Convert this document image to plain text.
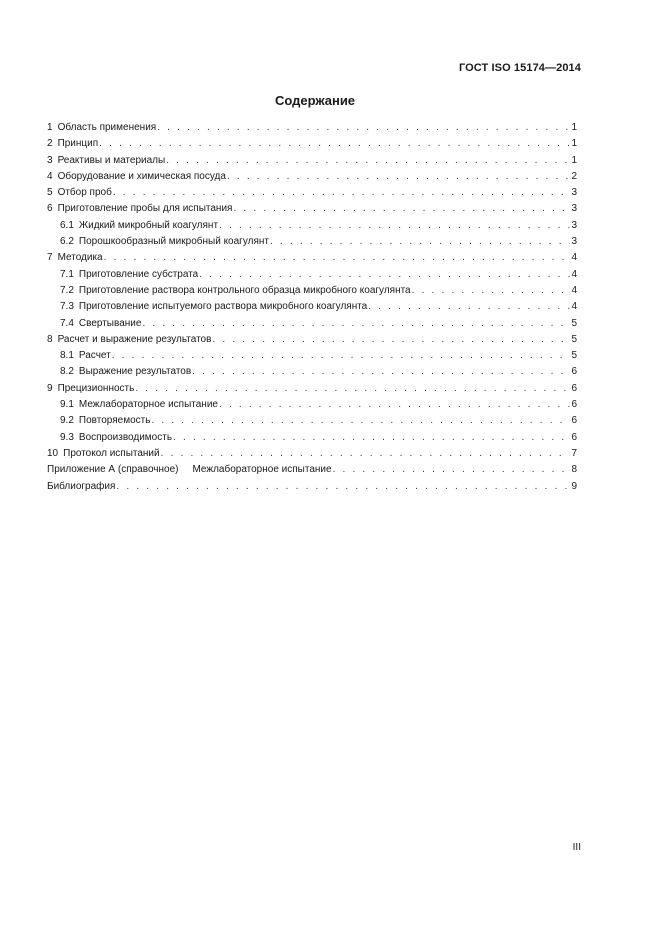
ГОСТ ISO 15174—2014
Содержание
1 Область применения . . .	1
2 Принцип . . .	1
3 Реактивы и материалы . . .	1
4 Оборудование и химическая посуда . . .	2
5 Отбор проб . . .	3
6 Приготовление пробы для испытания . . .	3
6.1 Жидкий микробный коагулянт . . .	3
6.2 Порошкообразный микробный коагулянт . . .	3
7 Методика . . .	4
7.1 Приготовление субстрата . . .	4
7.2 Приготовление раствора контрольного образца микробного коагулянта . . .	4
7.3 Приготовление испытуемого раствора микробного коагулянта . . .	4
7.4 Свертывание . . .	5
8 Расчет и выражение результатов . . .	5
8.1 Расчет . . .	5
8.2 Выражение результатов . . .	6
9 Прецизионность . . .	6
9.1 Межлабораторное испытание . . .	6
9.2 Повторяемость . . .	6
9.3 Воспроизводимость . . .	6
10 Протокол испытаний . . .	7
Приложение А (справочное) Межлабораторное испытание . . .	8
Библиография . . .	9
III
